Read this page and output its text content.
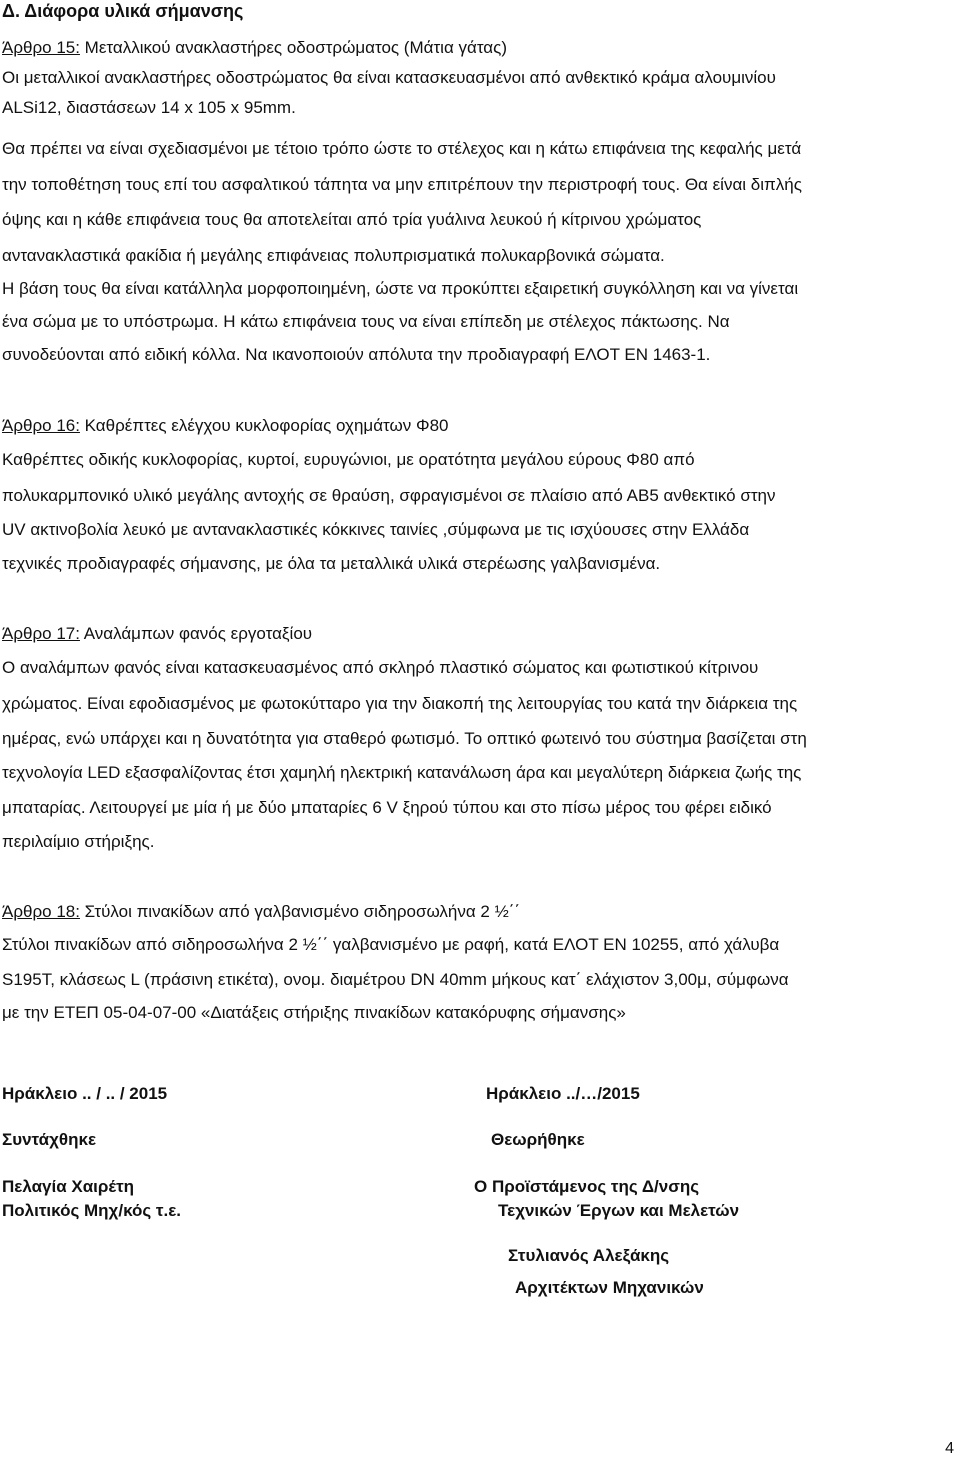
Δ. Διάφορα υλικά σήμανσης
Άρθρο 15: Μεταλλικού ανακλαστήρες οδοστρώματος (Μάτια γάτας)
Οι μεταλλικοί ανακλαστήρες οδοστρώματος θα είναι κατασκευασμένοι από ανθεκτικό κράμα αλουμινίου
ALSi12, διαστάσεων 14 x 105 x 95mm.
Θα πρέπει να είναι σχεδιασμένοι με τέτοιο τρόπο ώστε το στέλεχος και η κάτω επιφάνεια της κεφαλής μετά
την τοποθέτηση τους επί του ασφαλτικού τάπητα να μην επιτρέπουν την περιστροφή τους. Θα είναι διπλής
όψης και η κάθε επιφάνεια τους θα αποτελείται από τρία γυάλινα λευκού ή κίτρινου χρώματος
αντανακλαστικά φακίδια ή μεγάλης επιφάνειας πολυπρισματικά πολυκαρβονικά σώματα.
Η βάση τους θα είναι κατάλληλα μορφοποιημένη, ώστε να προκύπτει εξαιρετική συγκόλληση και να γίνεται
ένα σώμα με το υπόστρωμα. Η κάτω επιφάνεια τους να είναι επίπεδη με στέλεχος πάκτωσης. Να
συνοδεύονται από ειδική κόλλα. Να ικανοποιούν απόλυτα την προδιαγραφή ΕΛΟΤ ΕΝ 1463-1.
Άρθρο 16: Καθρέπτες ελέγχου κυκλοφορίας οχημάτων Φ80
Καθρέπτες οδικής κυκλοφορίας, κυρτοί, ευρυγώνιοι, με ορατότητα μεγάλου εύρους Φ80 από
πολυκαρμπονικό υλικό μεγάλης αντοχής σε θραύση, σφραγισμένοι σε πλαίσιο από ΑΒ5 ανθεκτικό στην
UV ακτινοβολία λευκό με αντανακλαστικές κόκκινες ταινίες ,σύμφωνα με τις ισχύουσες στην Ελλάδα
τεχνικές προδιαγραφές σήμανσης, με όλα τα μεταλλικά υλικά στερέωσης γαλβανισμένα.
Άρθρο 17: Αναλάμπων φανός εργοταξίου
Ο αναλάμπων φανός είναι κατασκευασμένος από σκληρό πλαστικό σώματος και φωτιστικού κίτρινου
χρώματος. Είναι εφοδιασμένος με φωτοκύτταρο για την διακοπή της λειτουργίας του κατά την διάρκεια της
ημέρας, ενώ υπάρχει και η δυνατότητα για σταθερό φωτισμό. Το οπτικό φωτεινό του σύστημα βασίζεται στη
τεχνολογία LED εξασφαλίζοντας έτσι χαμηλή ηλεκτρική κατανάλωση άρα και μεγαλύτερη διάρκεια ζωής της
μπαταρίας. Λειτουργεί με μία ή με δύο μπαταρίες 6 V ξηρού τύπου και στο πίσω μέρος του φέρει ειδικό
περιλαίμιο στήριξης.
Άρθρο 18: Στύλοι πινακίδων από γαλβανισμένο σιδηροσωλήνα 2 ½΄΄
Στύλοι πινακίδων από σιδηροσωλήνα 2 ½΄΄ γαλβανισμένο με ραφή, κατά ΕΛΟΤ ΕΝ 10255, από χάλυβα
S195T, κλάσεως L (πράσινη ετικέτα), ονομ. διαμέτρου DN 40mm μήκους κατ΄ ελάχιστον 3,00μ, σύμφωνα
με την ΕΤΕΠ 05-04-07-00 «Διατάξεις στήριξης πινακίδων κατακόρυφης σήμανσης»
Ηράκλειο .. / .. / 2015
Συντάχθηκε
Πελαγία Χαιρέτη
Πολιτικός Μηχ/κός τ.ε.
Ηράκλειο ../…/2015
Θεωρήθηκε
Ο Προϊστάμενος της Δ/νσης
Τεχνικών Έργων και Μελετών
Στυλιανός Αλεξάκης
Αρχιτέκτων Μηχανικών
4
